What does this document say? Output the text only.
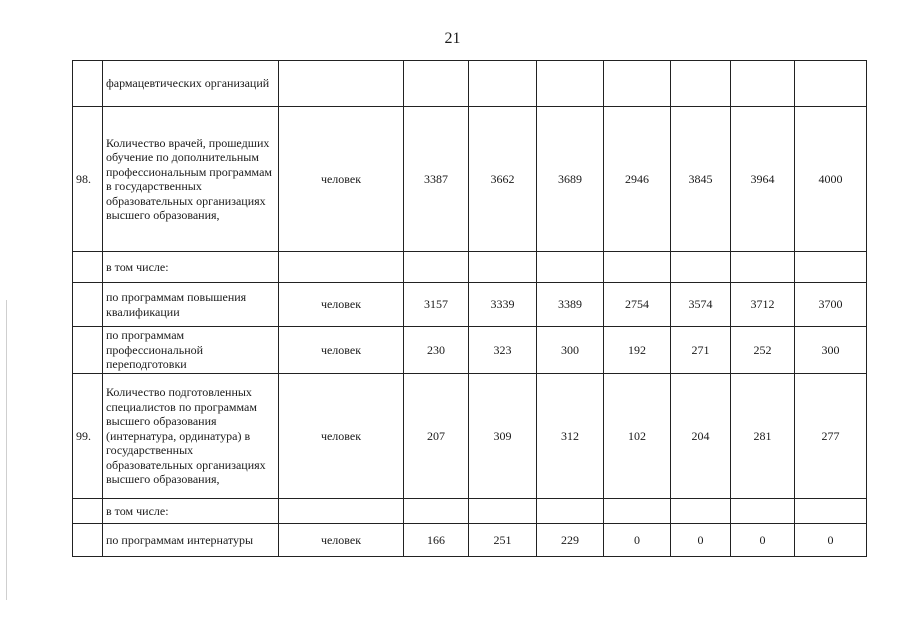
21
	фармацевтических организаций								
98.	Количество врачей, прошедших обучение по дополнительным профессиональным программам в государственных образовательных организациях высшего образования,	человек	3387	3662	3689	2946	3845	3964	4000
	в том числе:								
	по программам повышения квалификации	человек	3157	3339	3389	2754	3574	3712	3700
	по программам профессиональной переподготовки	человек	230	323	300	192	271	252	300
99.	Количество подготовленных специалистов по программам высшего образования (интернатура, ординатура) в государственных образовательных организациях высшего образования,	человек	207	309	312	102	204	281	277
	в том числе:								
	по программам интернатуры	человек	166	251	229	0	0	0	0
